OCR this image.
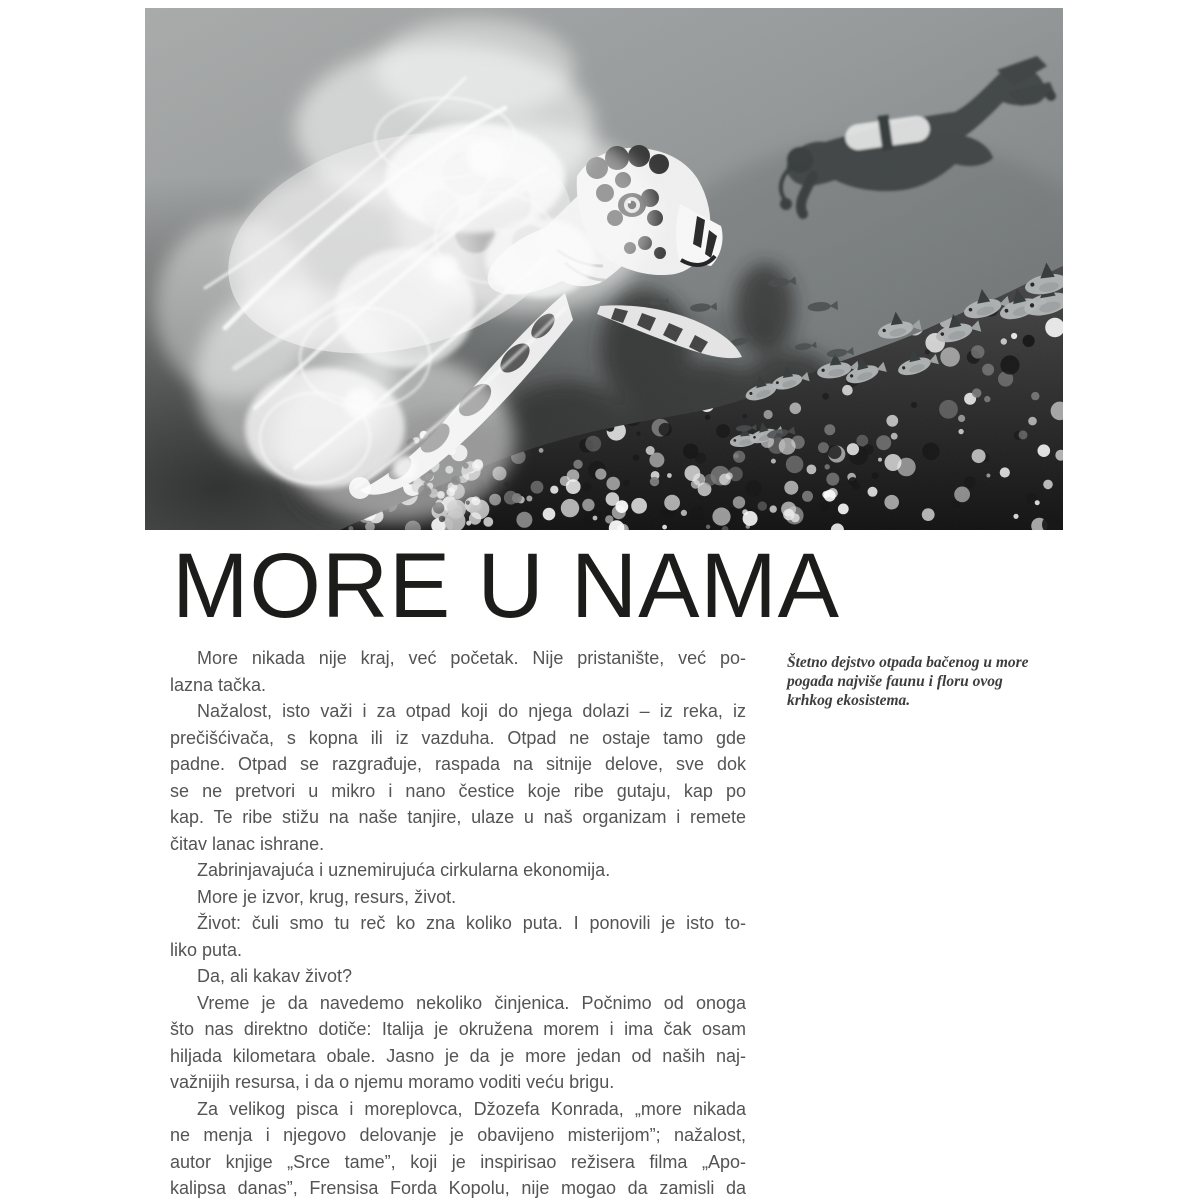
MORE U NAMA
Štetno dejstvo otpada bačenog u more
pogađa najviše faunu i floru ovog
krhkog ekosistema.
More nikada nije kraj, već početak. Nije pristanište, već po-
lazna tačka.
Nažalost, isto važi i za otpad koji do njega dolazi – iz reka, iz
prečišćivača, s kopna ili iz vazduha. Otpad ne ostaje tamo gde
padne. Otpad se razgrađuje, raspada na sitnije delove, sve dok
se ne pretvori u mikro i nano čestice koje ribe gutaju, kap po
kap. Te ribe stižu na naše tanjire, ulaze u naš organizam i remete
čitav lanac ishrane.
Zabrinjavajuća i uznemirujuća cirkularna ekonomija.
More je izvor, krug, resurs, život.
Život: čuli smo tu reč ko zna koliko puta. I ponovili je isto to-
liko puta.
Da, ali kakav život?
Vreme je da navedemo nekoliko činjenica. Počnimo od onoga
što nas direktno dotiče: Italija je okružena morem i ima čak osam
hiljada kilometara obale. Jasno je da je more jedan od naših naj-
važnijih resursa, i da o njemu moramo voditi veću brigu.
Za velikog pisca i moreplovca, Džozefa Konrada, „more nikada
ne menja i njegovo delovanje je obavijeno misterijom”; nažalost,
autor knjige „Srce tame”, koji je inspirisao režisera filma „Apo-
kalipsa danas”, Frensisa Forda Kopolu, nije mogao da zamisli da
